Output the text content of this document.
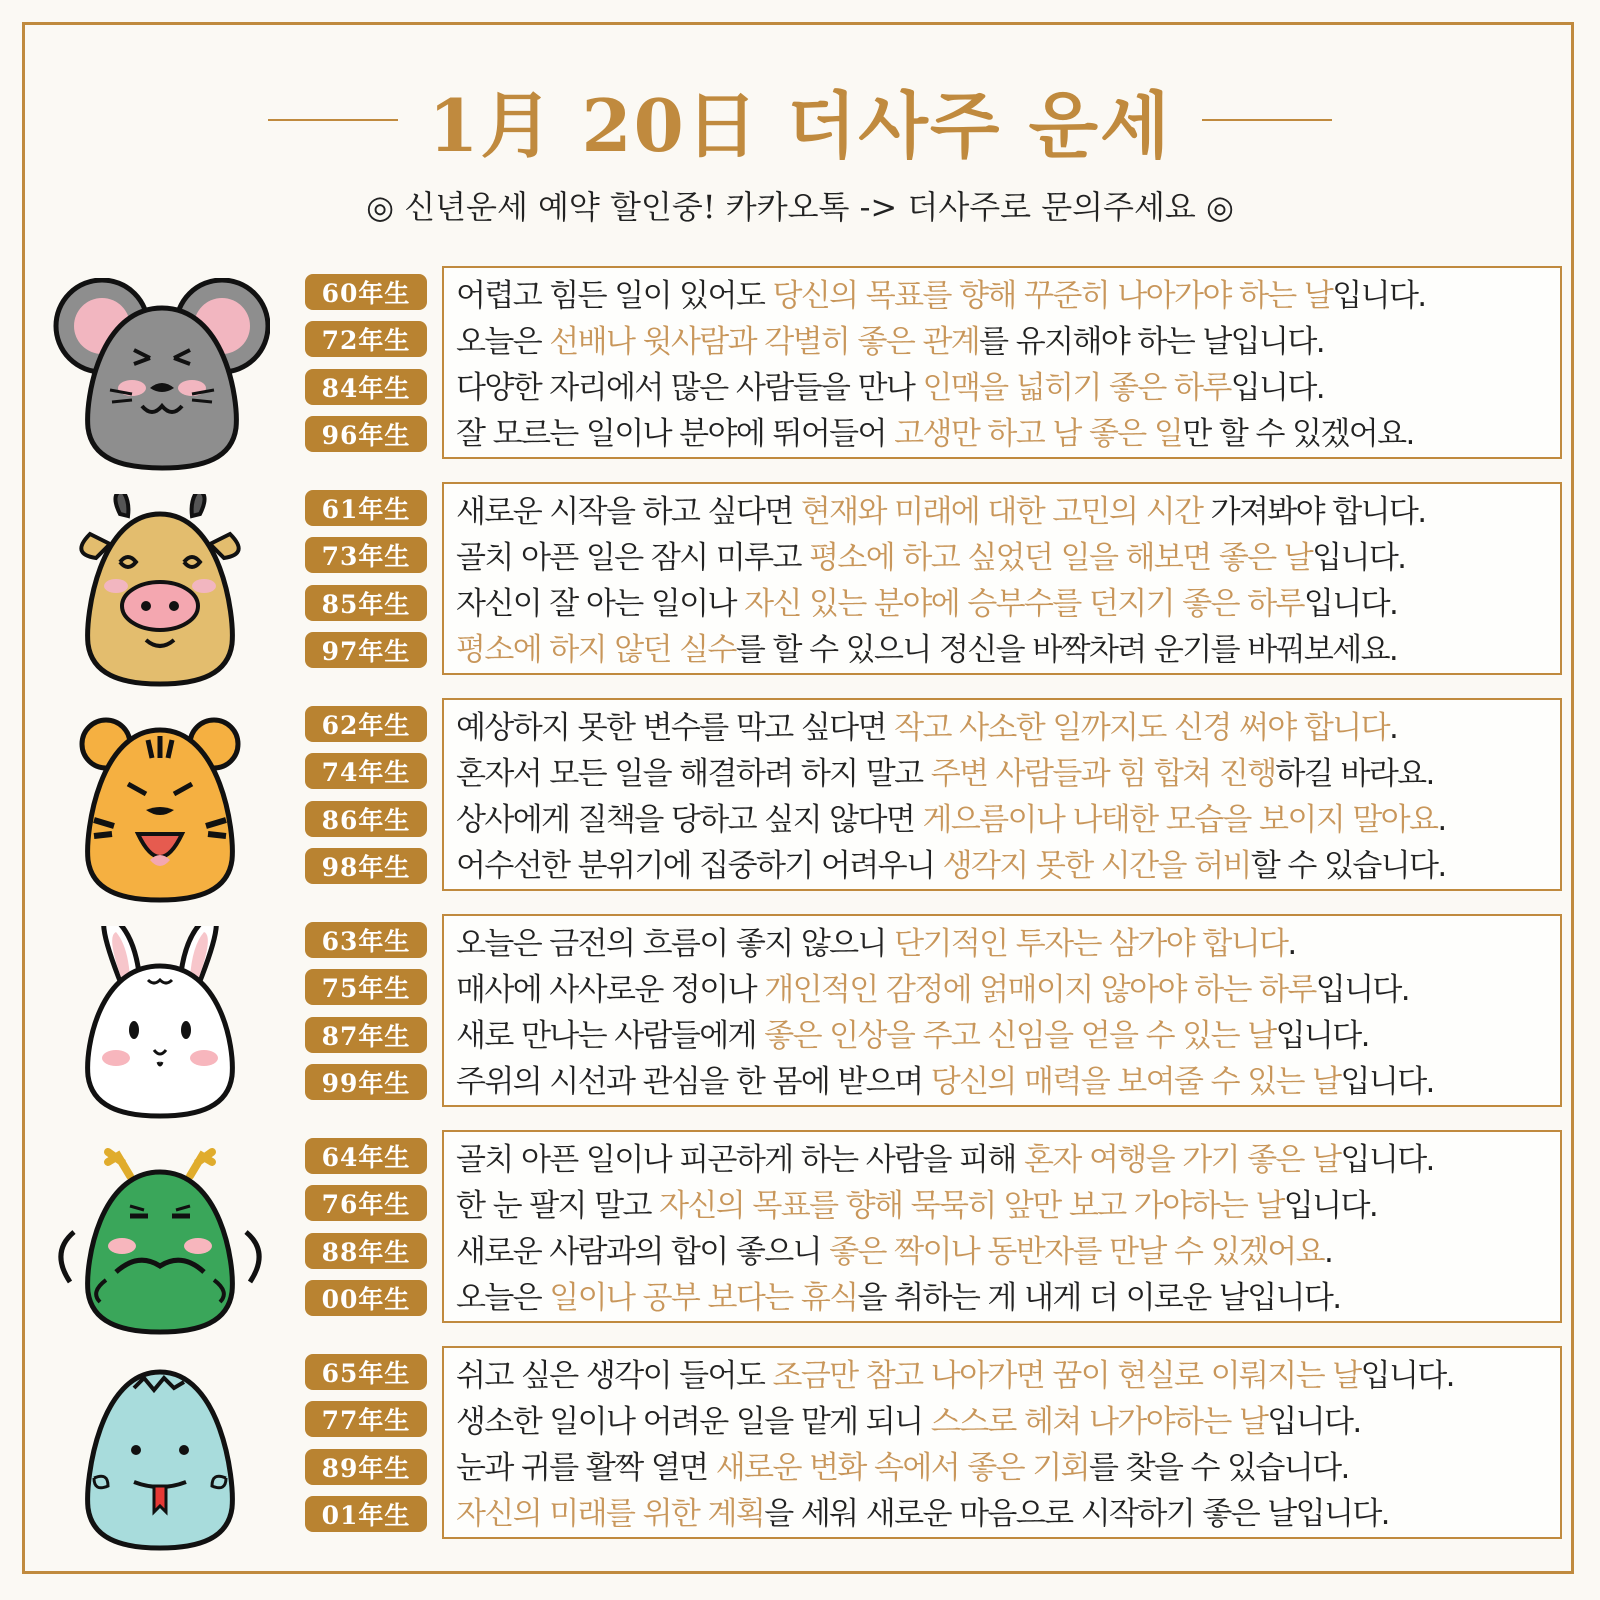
1月 20日 더사주 운세
◎ 신년운세 예약 할인중! 카카오톡 -> 더사주로 문의주세요 ◎
60年生
72年生
84年生
96年生
어렵고 힘든 일이 있어도 당신의 목표를 향해 꾸준히 나아가야 하는 날입니다.
오늘은 선배나 윗사람과 각별히 좋은 관계를 유지해야 하는 날입니다.
다양한 자리에서 많은 사람들을 만나 인맥을 넓히기 좋은 하루입니다.
잘 모르는 일이나 분야에 뛰어들어 고생만 하고 남 좋은 일만 할 수 있겠어요.
61年生
73年生
85年生
97年生
새로운 시작을 하고 싶다면 현재와 미래에 대한 고민의 시간 가져봐야 합니다.
골치 아픈 일은 잠시 미루고 평소에 하고 싶었던 일을 해보면 좋은 날입니다.
자신이 잘 아는 일이나 자신 있는 분야에 승부수를 던지기 좋은 하루입니다.
평소에 하지 않던 실수를 할 수 있으니 정신을 바짝차려 운기를 바꿔보세요.
62年生
74年生
86年生
98年生
예상하지 못한 변수를 막고 싶다면 작고 사소한 일까지도 신경 써야 합니다.
혼자서 모든 일을 해결하려 하지 말고 주변 사람들과 힘 합쳐 진행하길 바라요.
상사에게 질책을 당하고 싶지 않다면 게으름이나 나태한 모습을 보이지 말아요.
어수선한 분위기에 집중하기 어려우니 생각지 못한 시간을 허비할 수 있습니다.
63年生
75年生
87年生
99年生
오늘은 금전의 흐름이 좋지 않으니 단기적인 투자는 삼가야 합니다.
매사에 사사로운 정이나 개인적인 감정에 얽매이지 않아야 하는 하루입니다.
새로 만나는 사람들에게 좋은 인상을 주고 신임을 얻을 수 있는 날입니다.
주위의 시선과 관심을 한 몸에 받으며 당신의 매력을 보여줄 수 있는 날입니다.
64年生
76年生
88年生
00年生
골치 아픈 일이나 피곤하게 하는 사람을 피해 혼자 여행을 가기 좋은 날입니다.
한 눈 팔지 말고 자신의 목표를 향해 묵묵히 앞만 보고 가야하는 날입니다.
새로운 사람과의 합이 좋으니 좋은 짝이나 동반자를 만날 수 있겠어요.
오늘은 일이나 공부 보다는 휴식을 취하는 게 내게 더 이로운 날입니다.
65年生
77年生
89年生
01年生
쉬고 싶은 생각이 들어도 조금만 참고 나아가면 꿈이 현실로 이뤄지는 날입니다.
생소한 일이나 어려운 일을 맡게 되니 스스로 헤쳐 나가야하는 날입니다.
눈과 귀를 활짝 열면 새로운 변화 속에서 좋은 기회를 찾을 수 있습니다.
자신의 미래를 위한 계획을 세워 새로운 마음으로 시작하기 좋은 날입니다.
